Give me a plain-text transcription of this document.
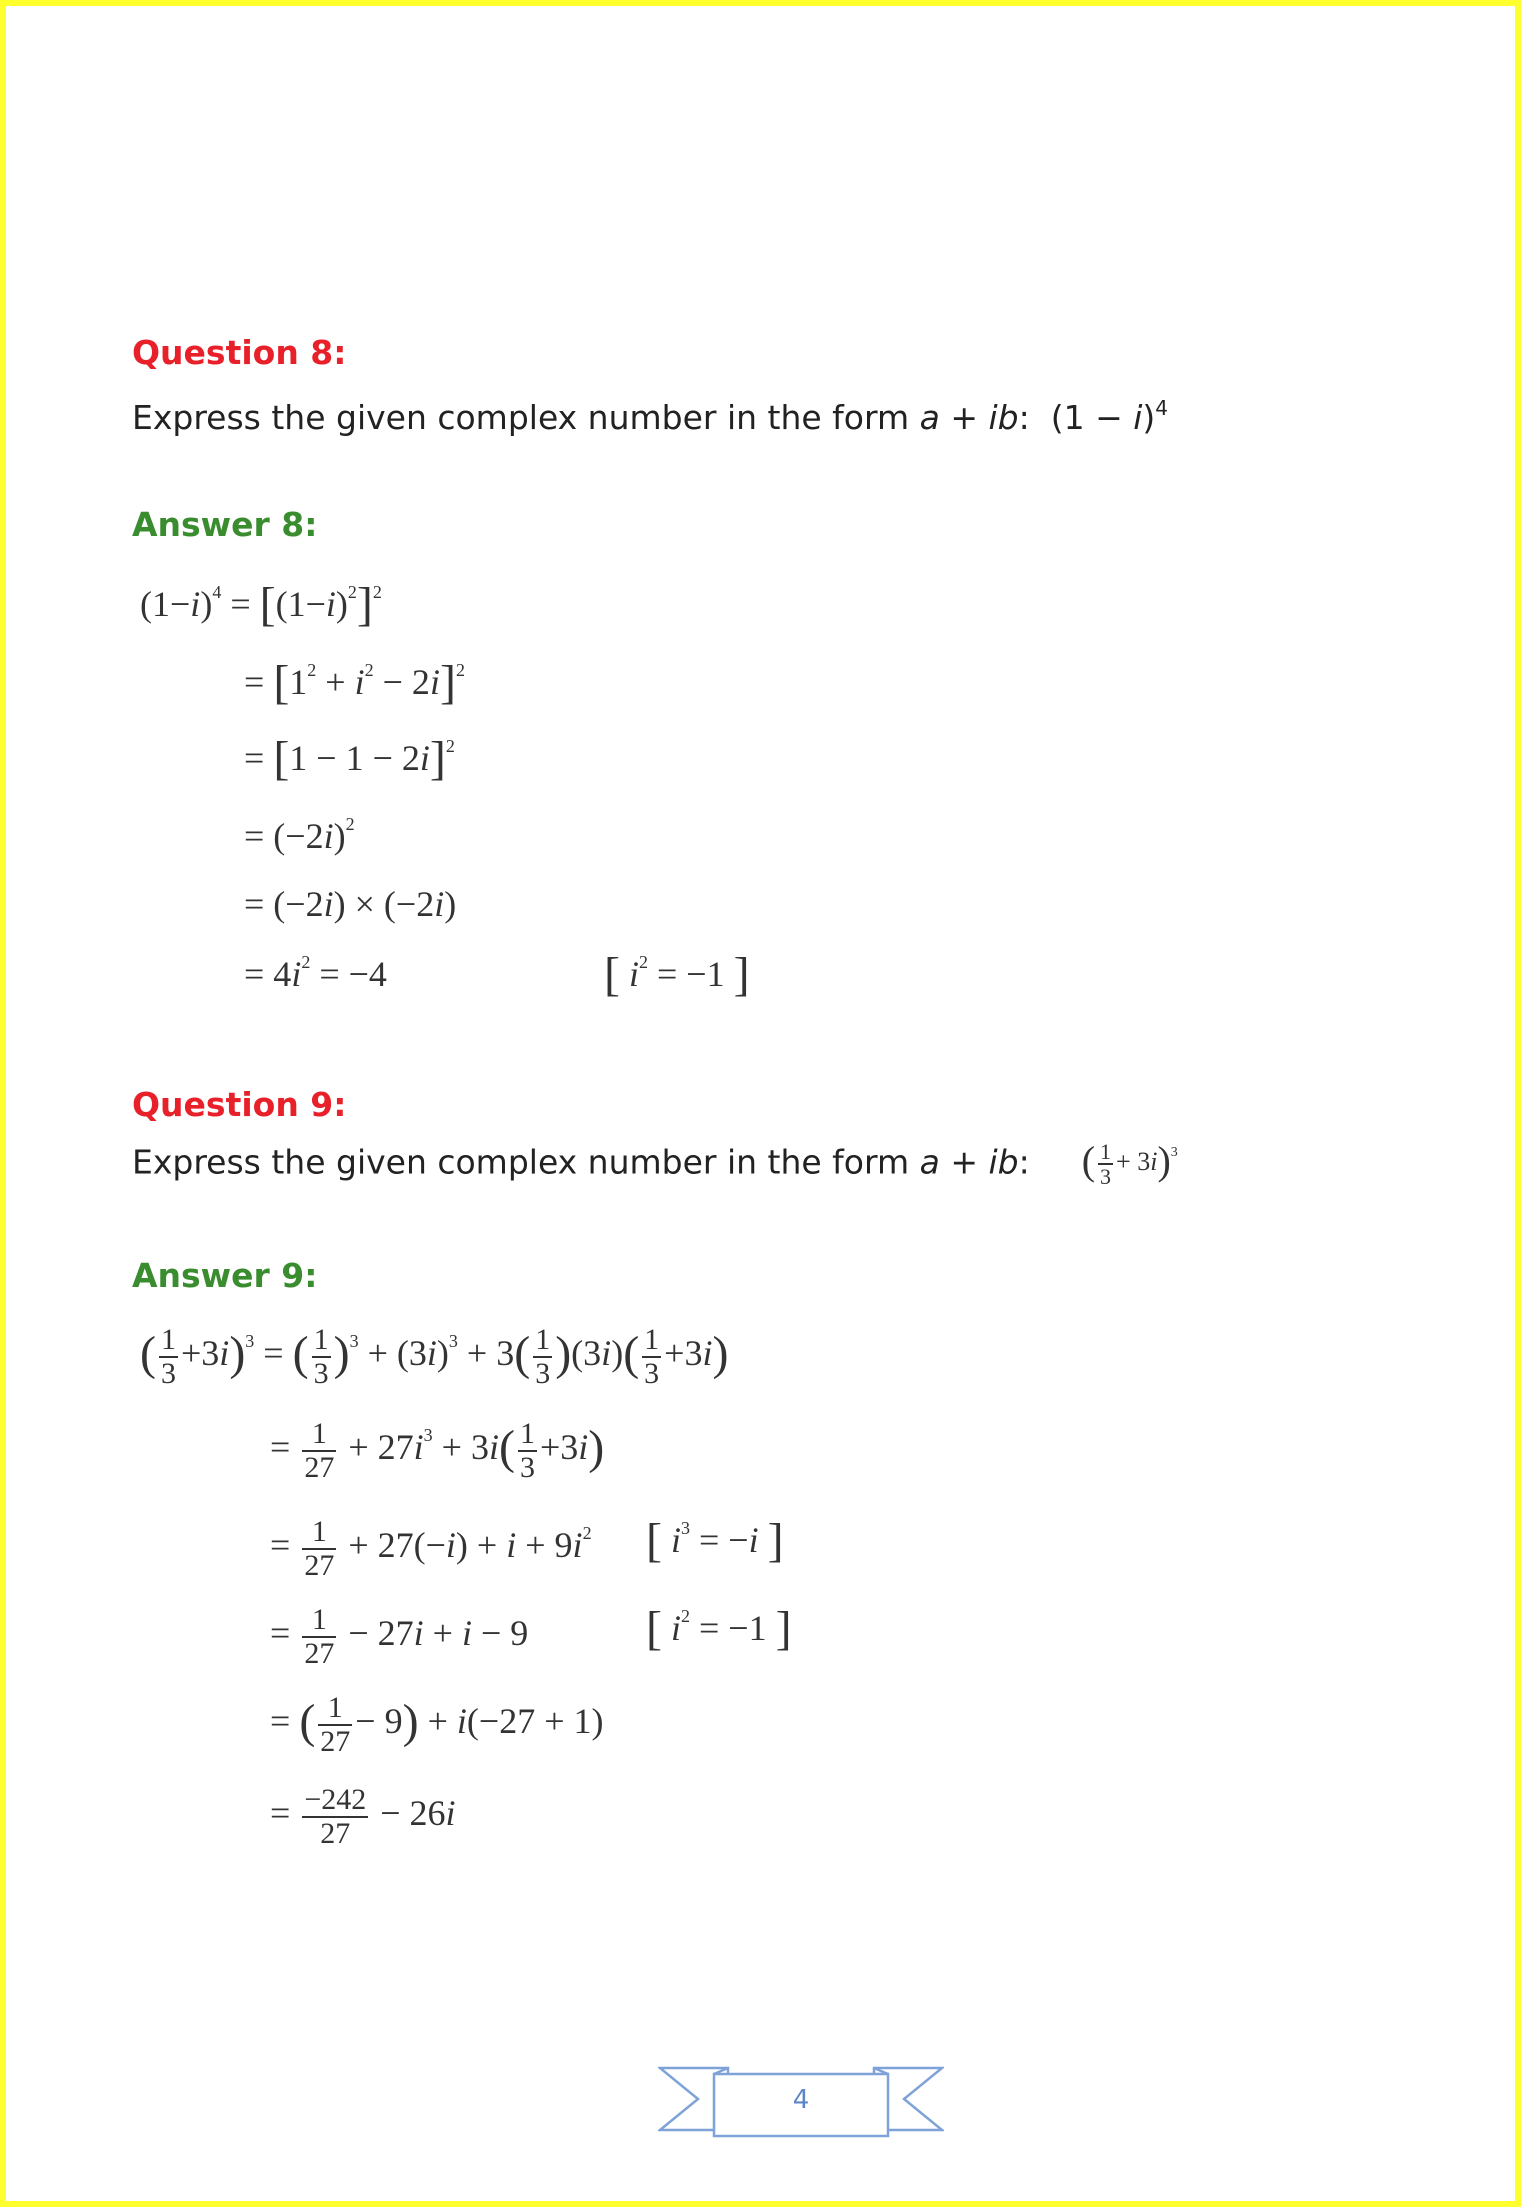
Question 8:
Express the given complex number in the form a + ib:  $(1 - i)^4$
Answer 8:
$(1-i)^4 = [(1-i)^2]^2$
= $[1^2 + i^2 - 2i]^2$
= $[1 - 1 - 2i]^2$
= $(-2i)^2$
= (−2i) × (−2i)
= $4i^2 = -4$	[ $i^2 = -1$ ]
Question 9:
Express the given complex number in the form a + ib:    ( $\frac{1}{3} + 3i)^3$
Answer 9:
( $\frac{1}{3} +3i)^3$ = ( $\frac{1}{3} )^3 + (3i)^3 + 3( \frac{1}{3} )(3i)( \frac{1}{3} +3i)$
= $\frac{1}{27} + 27i^3 + 3i( \frac{1}{3} +3i)$
= $\frac{1}{27} + 27(-i) + i + 9i^2$ [ $i^3 = -i$ ]
= $\frac{1}{27} - 27i + i - 9$ [ $i^2 = -1$ ]
= ( $\frac{1}{27} - 9) + i(-27 + 1)$
= $\frac{-242}{27} - 26i$
4
